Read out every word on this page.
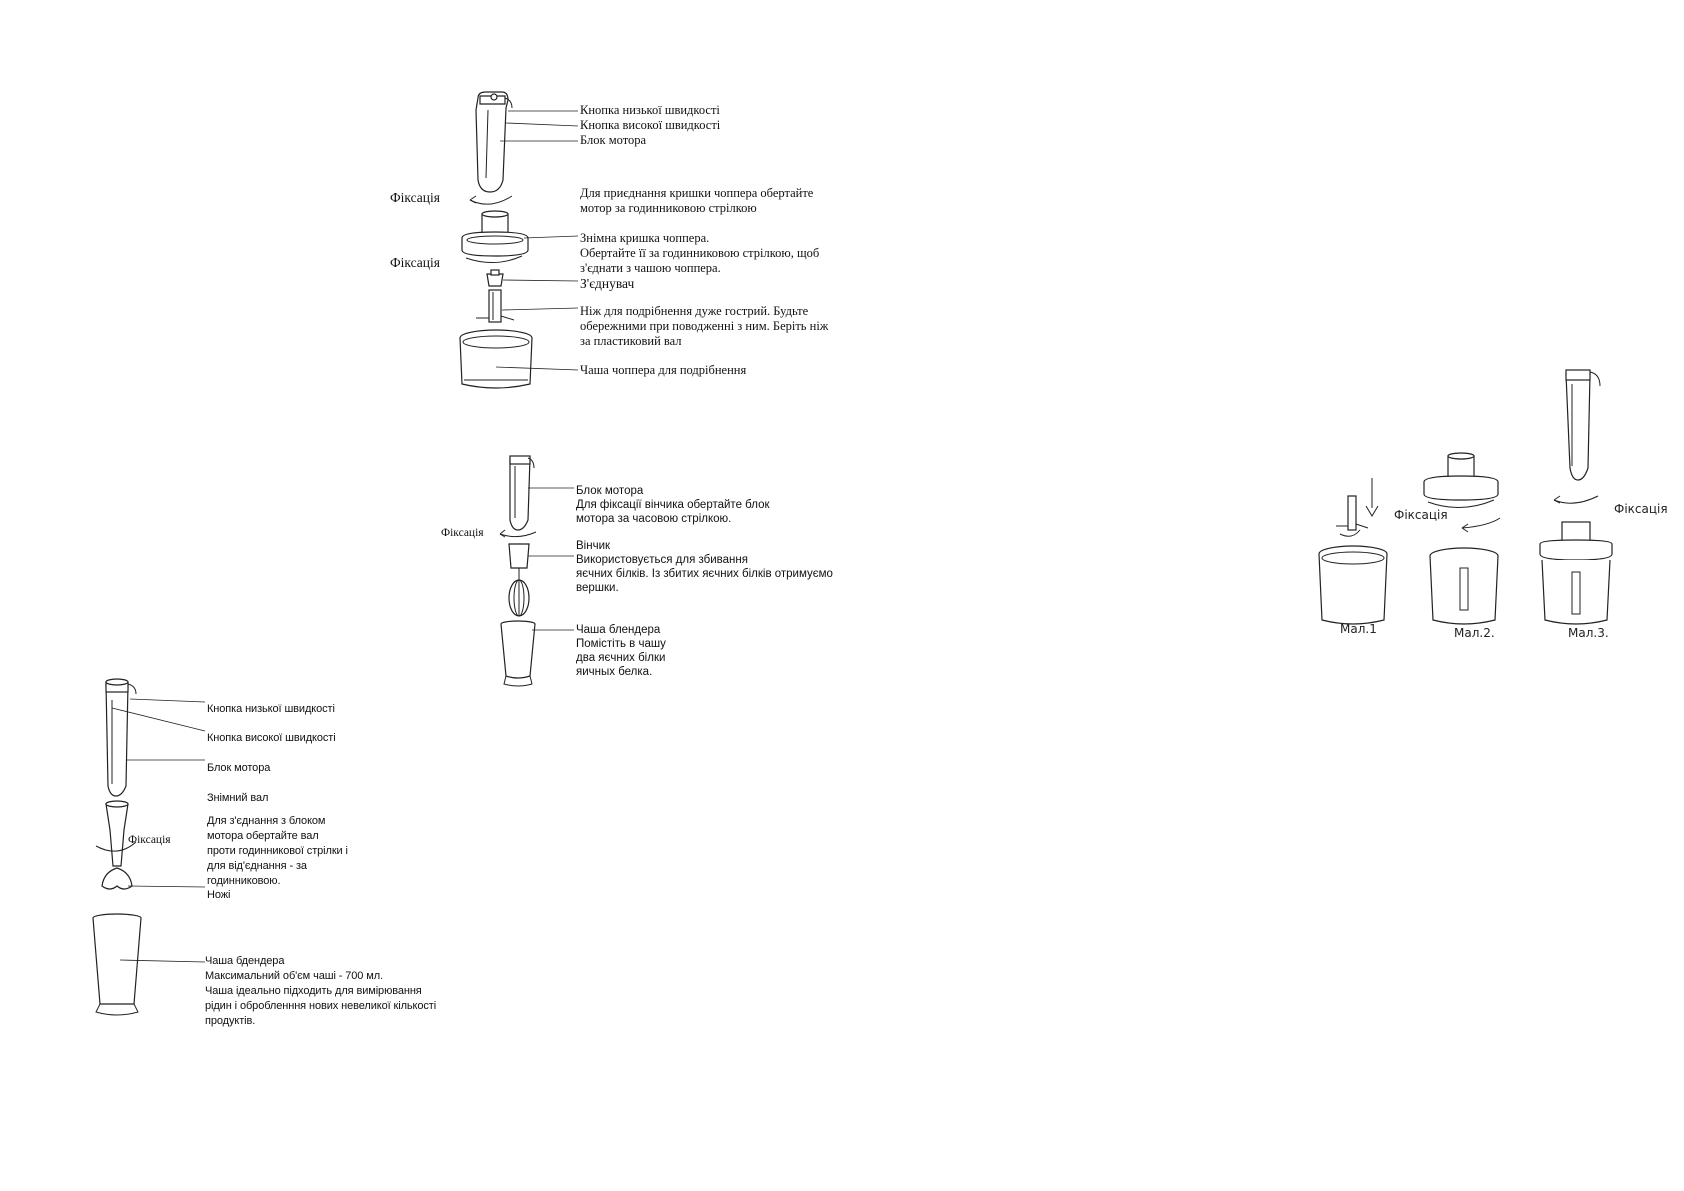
Кнопка низької швидкості
Кнопка високої швидкості
Блок мотора
Для приєднання кришки чоппера обертайте
мотор за годинниковою стрілкою
Фіксація
Фіксація
Знімна кришка чоппера.
Обертайте її за годинниковою стрілкою, щоб
з'єднати з чашою чоппера.
З'єднувач
Ніж для подрібнення дуже гострий. Будьте
обережними при поводженні з ним. Беріть ніж
за пластиковий вал
Чаша чоппера для подрібнення
Фіксація
Блок мотора
Для фіксації вінчика обертайте блок
мотора за часовою стрілкою.
Вінчик
Використовується для збивання
яєчних білків. Із збитих яєчних білків отримуємо
вершки.
Чаша блендера
Помістіть в чашу
два яєчних білки
яичных белка.
Кнопка низької швидкості
Кнопка високої швидкості
Блок мотора
Знімний вал
Фіксація
Для з'єднання з блоком
мотора обертайте вал
проти годинникової стрілки і
для від'єднання - за
годинниковою.
Ножі
Чаша бдендера
Максимальний об'єм чаші - 700 мл.
Чаша ідеально підходить для вимірювання
рідин і обробленння нових невеликої кількості
продуктів.
Фіксація	Фіксація
Мал.1	Мал.2.	Мал.3.
